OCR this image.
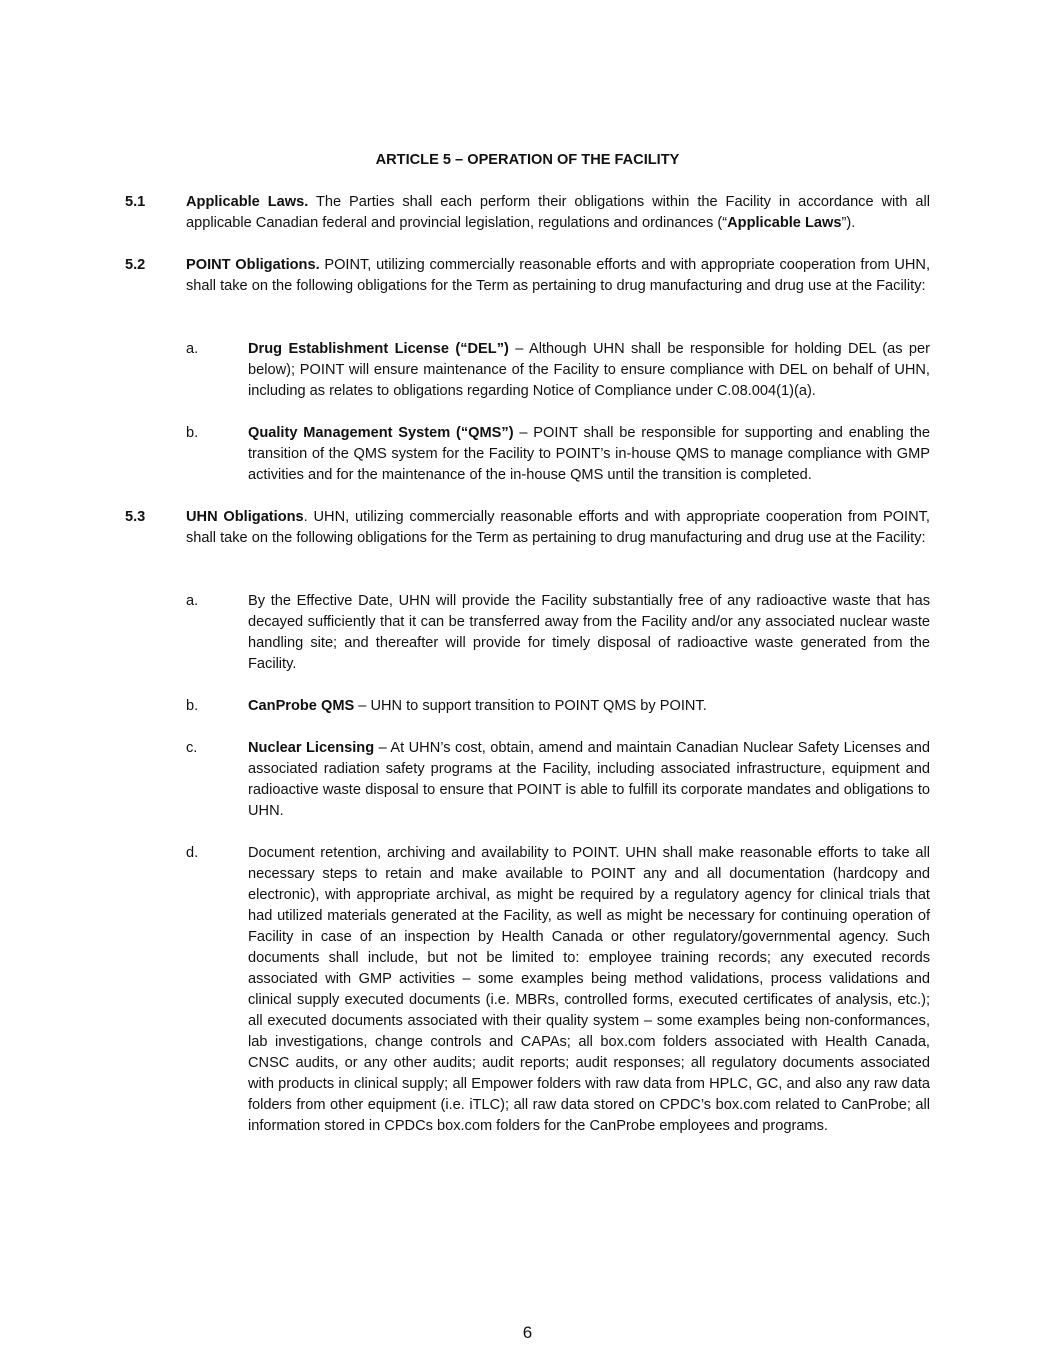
ARTICLE 5 – OPERATION OF THE FACILITY
5.1	Applicable Laws. The Parties shall each perform their obligations within the Facility in accordance with all applicable Canadian federal and provincial legislation, regulations and ordinances (“Applicable Laws”).
5.2	POINT Obligations. POINT, utilizing commercially reasonable efforts and with appropriate cooperation from UHN, shall take on the following obligations for the Term as pertaining to drug manufacturing and drug use at the Facility:
a.	Drug Establishment License (“DEL”) – Although UHN shall be responsible for holding DEL (as per below); POINT will ensure maintenance of the Facility to ensure compliance with DEL on behalf of UHN, including as relates to obligations regarding Notice of Compliance under C.08.004(1)(a).
b.	Quality Management System (“QMS”) – POINT shall be responsible for supporting and enabling the transition of the QMS system for the Facility to POINT’s in-house QMS to manage compliance with GMP activities and for the maintenance of the in-house QMS until the transition is completed.
5.3	UHN Obligations. UHN, utilizing commercially reasonable efforts and with appropriate cooperation from POINT, shall take on the following obligations for the Term as pertaining to drug manufacturing and drug use at the Facility:
a.	By the Effective Date, UHN will provide the Facility substantially free of any radioactive waste that has decayed sufficiently that it can be transferred away from the Facility and/or any associated nuclear waste handling site; and thereafter will provide for timely disposal of radioactive waste generated from the Facility.
b.	CanProbe QMS – UHN to support transition to POINT QMS by POINT.
c.	Nuclear Licensing – At UHN’s cost, obtain, amend and maintain Canadian Nuclear Safety Licenses and associated radiation safety programs at the Facility, including associated infrastructure, equipment and radioactive waste disposal to ensure that POINT is able to fulfill its corporate mandates and obligations to UHN.
d.	Document retention, archiving and availability to POINT. UHN shall make reasonable efforts to take all necessary steps to retain and make available to POINT any and all documentation (hardcopy and electronic), with appropriate archival, as might be required by a regulatory agency for clinical trials that had utilized materials generated at the Facility, as well as might be necessary for continuing operation of Facility in case of an inspection by Health Canada or other regulatory/governmental agency. Such documents shall include, but not be limited to: employee training records; any executed records associated with GMP activities – some examples being method validations, process validations and clinical supply executed documents (i.e. MBRs, controlled forms, executed certificates of analysis, etc.); all executed documents associated with their quality system – some examples being non-conformances, lab investigations, change controls and CAPAs; all box.com folders associated with Health Canada, CNSC audits, or any other audits; audit reports; audit responses; all regulatory documents associated with products in clinical supply; all Empower folders with raw data from HPLC, GC, and also any raw data folders from other equipment (i.e. iTLC); all raw data stored on CPDC’s box.com related to CanProbe; all information stored in CPDCs box.com folders for the CanProbe employees and programs.
6
